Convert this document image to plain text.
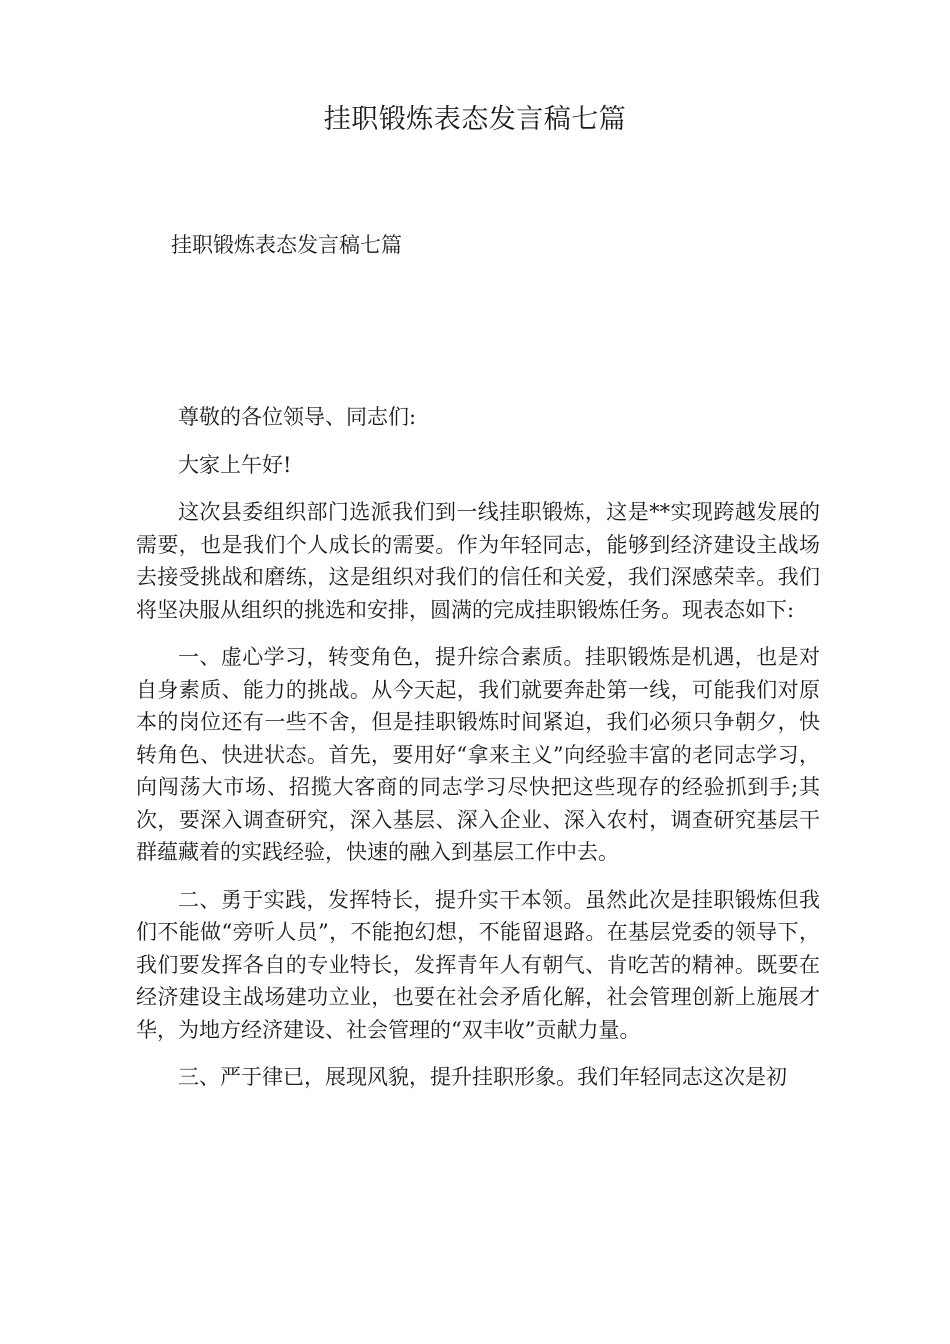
挂职锻炼表态发言稿七篇

挂职锻炼表态发言稿七篇

尊敬的各位领导、同志们:

大家上午好!

这次县委组织部门选派我们到一线挂职锻炼，这是**实现跨越发展的需要，也是我们个人成长的需要。作为年轻同志，能够到经济建设主战场去接受挑战和磨练，这是组织对我们的信任和关爱，我们深感荣幸。我们将坚决服从组织的挑选和安排，圆满的完成挂职锻炼任务。现表态如下:

一、虚心学习，转变角色，提升综合素质。挂职锻炼是机遇，也是对自身素质、能力的挑战。从今天起，我们就要奔赴第一线，可能我们对原本的岗位还有一些不舍，但是挂职锻炼时间紧迫，我们必须只争朝夕，快转角色、快进状态。首先，要用好“拿来主义”向经验丰富的老同志学习，向闯荡大市场、招揽大客商的同志学习尽快把这些现存的经验抓到手;其次，要深入调查研究，深入基层、深入企业、深入农村，调查研究基层干群蕴藏着的实践经验，快速的融入到基层工作中去。

二、勇于实践，发挥特长，提升实干本领。虽然此次是挂职锻炼但我们不能做“旁听人员”，不能抱幻想，不能留退路。在基层党委的领导下，我们要发挥各自的专业特长，发挥青年人有朝气、肯吃苦的精神。既要在经济建设主战场建功立业，也要在社会矛盾化解，社会管理创新上施展才华，为地方经济建设、社会管理的“双丰收”贡献力量。

三、严于律已，展现风貌，提升挂职形象。我们年轻同志这次是初
